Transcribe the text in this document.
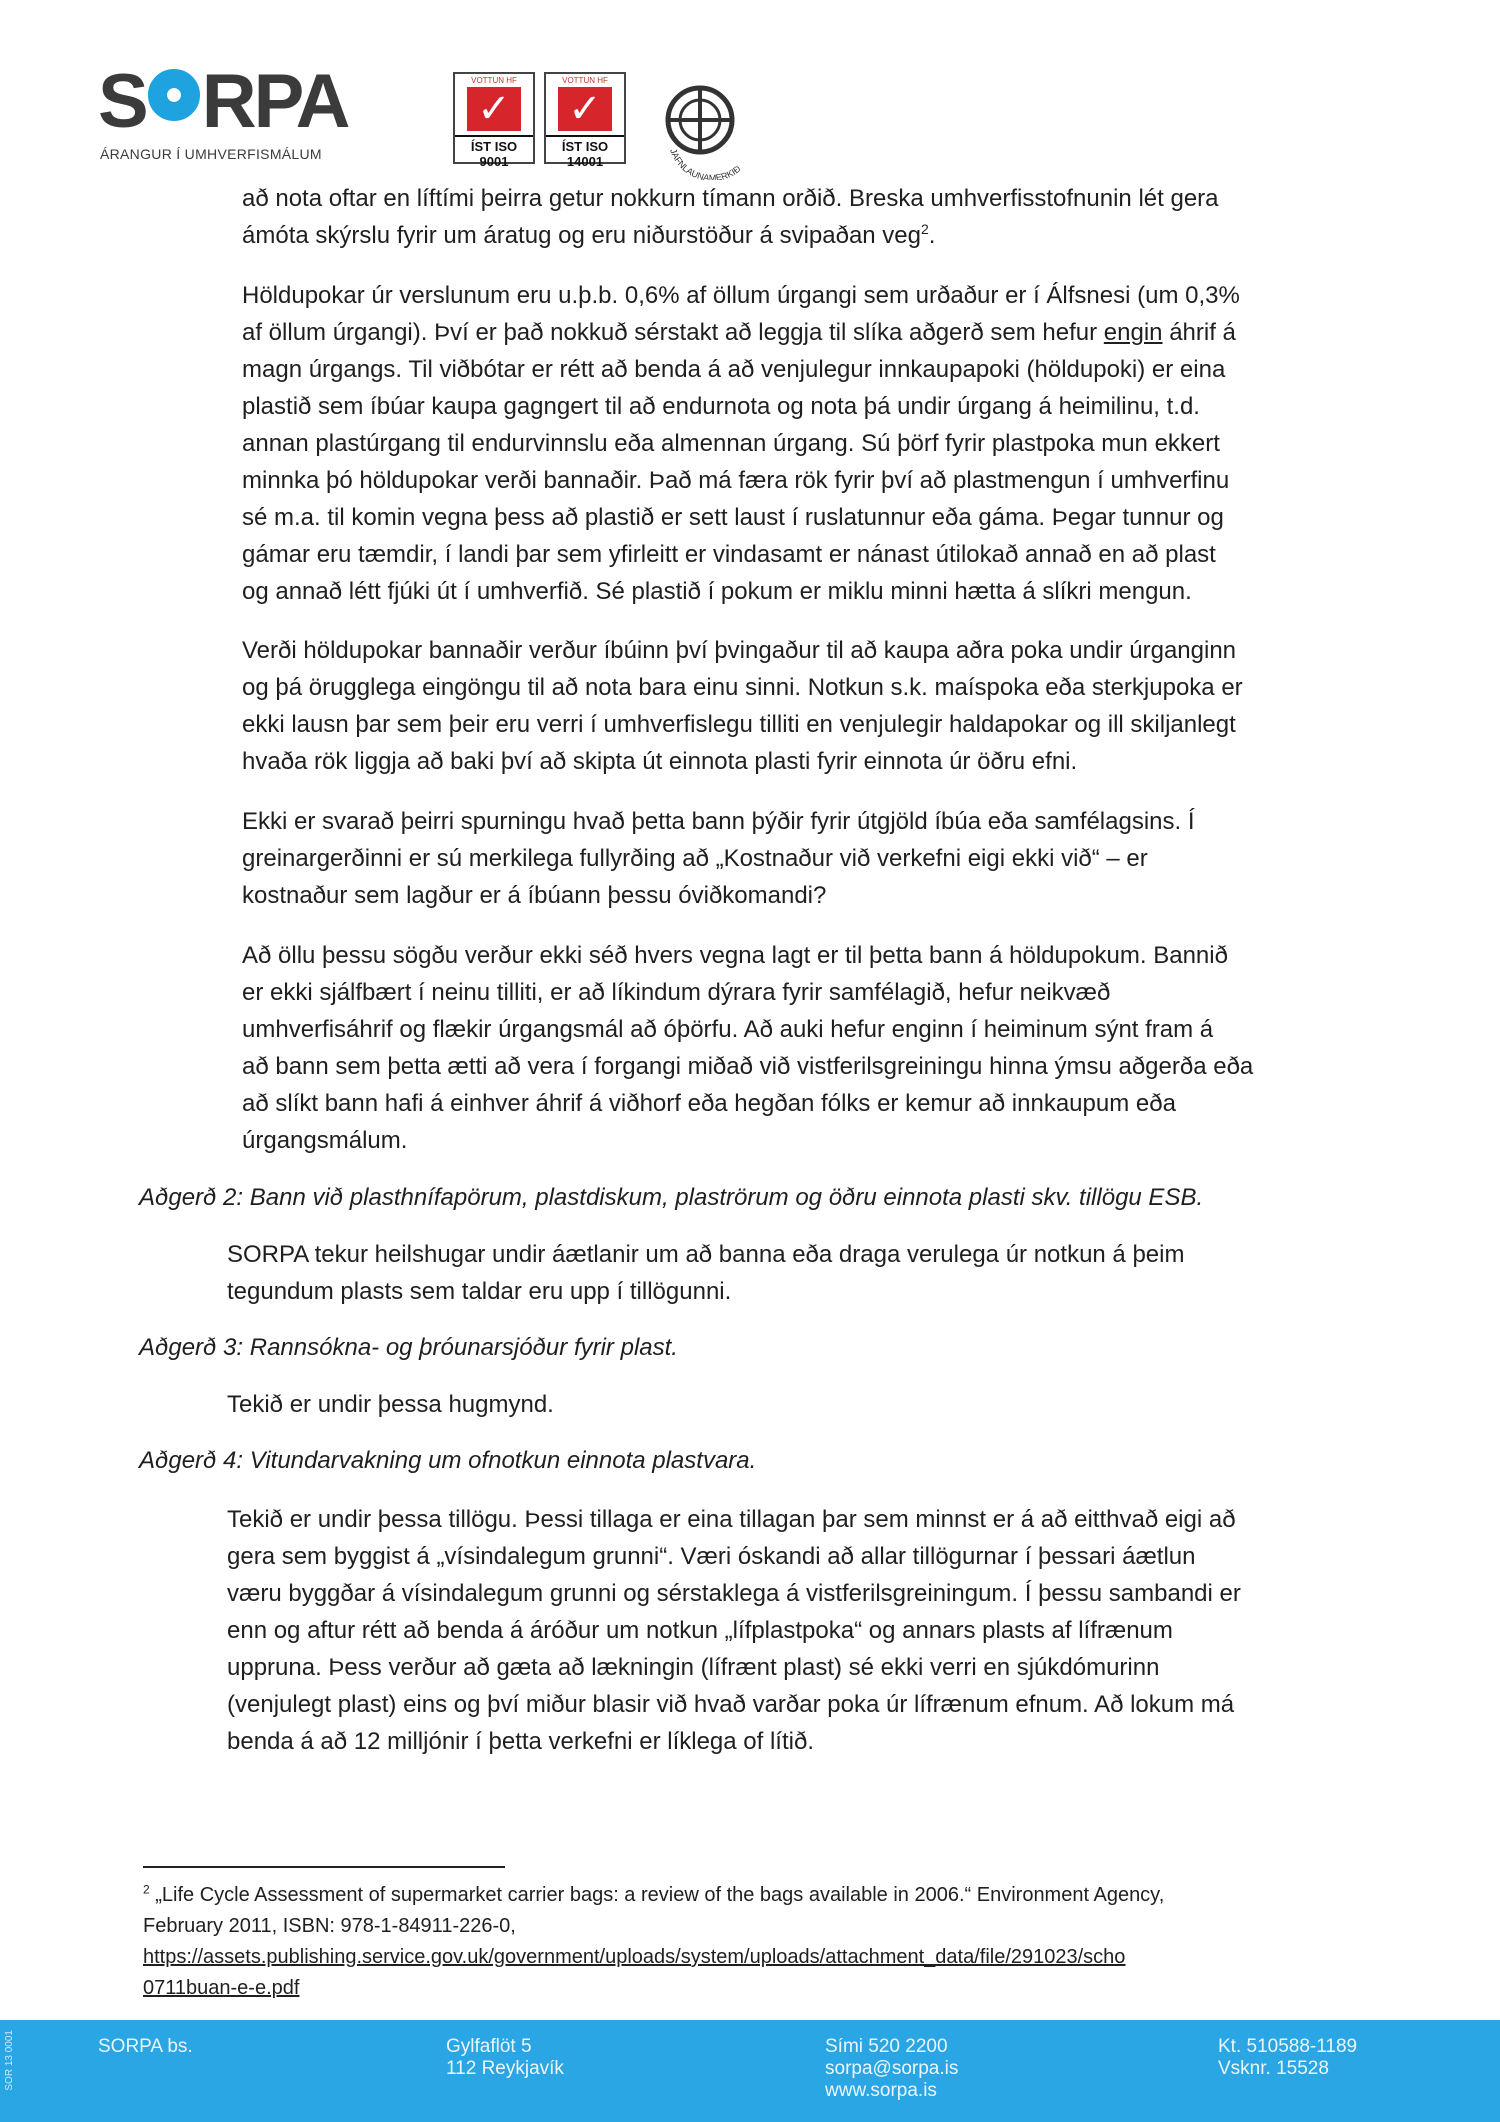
S RPA
ÁRANGUR Í UMHVERFISMÁLUM
VOTTUN HF
✓
ÍST ISO 9001
VOTTUN HF
✓
ÍST ISO 14001
JAFNLAUNAMERKIÐ

að nota oftar en líftími þeirra getur nokkurn tímann orðið. Breska umhverfisstofnunin lét gera

ámóta skýrslu fyrir um áratug og eru niðurstöður á svipaðan veg$^2$.

Höldupokar úr verslunum eru u.þ.b. 0,6% af öllum úrgangi sem urðaður er í Álfsnesi (um 0,3%

af öllum úrgangi). Því er það nokkuð sérstakt að leggja til slíka aðgerð sem hefur engin áhrif á

magn úrgangs. Til viðbótar er rétt að benda á að venjulegur innkaupapoki (höldupoki) er eina

plastið sem íbúar kaupa gagngert til að endurnota og nota þá undir úrgang á heimilinu, t.d.

annan plastúrgang til endurvinnslu eða almennan úrgang. Sú þörf fyrir plastpoka mun ekkert

minnka þó höldupokar verði bannaðir. Það má færa rök fyrir því að plastmengun í umhverfinu

sé m.a. til komin vegna þess að plastið er sett laust í ruslatunnur eða gáma. Þegar tunnur og

gámar eru tæmdir, í landi þar sem yfirleitt er vindasamt er nánast útilokað annað en að plast

og annað létt fjúki út í umhverfið. Sé plastið í pokum er miklu minni hætta á slíkri mengun.

Verði höldupokar bannaðir verður íbúinn því þvingaður til að kaupa aðra poka undir úrganginn

og þá örugglega eingöngu til að nota bara einu sinni. Notkun s.k. maíspoka eða sterkjupoka er

ekki lausn þar sem þeir eru verri í umhverfislegu tilliti en venjulegir haldapokar og ill skiljanlegt

hvaða rök liggja að baki því að skipta út einnota plasti fyrir einnota úr öðru efni.

Ekki er svarað þeirri spurningu hvað þetta bann þýðir fyrir útgjöld íbúa eða samfélagsins. Í

greinargerðinni er sú merkilega fullyrðing að „Kostnaður við verkefni eigi ekki við“ – er

kostnaður sem lagður er á íbúann þessu óviðkomandi?

Að öllu þessu sögðu verður ekki séð hvers vegna lagt er til þetta bann á höldupokum. Bannið

er ekki sjálfbært í neinu tilliti, er að líkindum dýrara fyrir samfélagið, hefur neikvæð

umhverfisáhrif og flækir úrgangsmál að óþörfu. Að auki hefur enginn í heiminum sýnt fram á

að bann sem þetta ætti að vera í forgangi miðað við vistferilsgreiningu hinna ýmsu aðgerða eða

að slíkt bann hafi á einhver áhrif á viðhorf eða hegðan fólks er kemur að innkaupum eða

úrgangsmálum.

Aðgerð 2: Bann við plasthnífapörum, plastdiskum, plaströrum og öðru einnota plasti skv. tillögu ESB.

SORPA tekur heilshugar undir áætlanir um að banna eða draga verulega úr notkun á þeim

tegundum plasts sem taldar eru upp í tillögunni.

Aðgerð 3: Rannsókna- og þróunarsjóður fyrir plast.

Tekið er undir þessa hugmynd.

Aðgerð 4: Vitundarvakning um ofnotkun einnota plastvara.

Tekið er undir þessa tillögu. Þessi tillaga er eina tillagan þar sem minnst er á að eitthvað eigi að

gera sem byggist á „vísindalegum grunni“. Væri óskandi að allar tillögurnar í þessari áætlun

væru byggðar á vísindalegum grunni og sérstaklega á vistferilsgreiningum. Í þessu sambandi er

enn og aftur rétt að benda á áróður um notkun „lífplastpoka“ og annars plasts af lífrænum

uppruna. Þess verður að gæta að lækningin (lífrænt plast) sé ekki verri en sjúkdómurinn

(venjulegt plast) eins og því miður blasir við hvað varðar poka úr lífrænum efnum. Að lokum má

benda á að 12 milljónir í þetta verkefni er líklega of lítið.

$^2$ „Life Cycle Assessment of supermarket carrier bags: a review of the bags available in 2006.“ Environment Agency,
February 2011, ISBN: 978-1-84911-226-0,
https://assets.publishing.service.gov.uk/government/uploads/system/uploads/attachment_data/file/291023/scho
0711buan-e-e.pdf
SORPA bs.	Gylfaflöt 5
112 Reykjavík
Sími 520 2200
sorpa@sorpa.is
www.sorpa.is
Kt. 510588-1189
Vsknr. 15528
SOR 13 0001
